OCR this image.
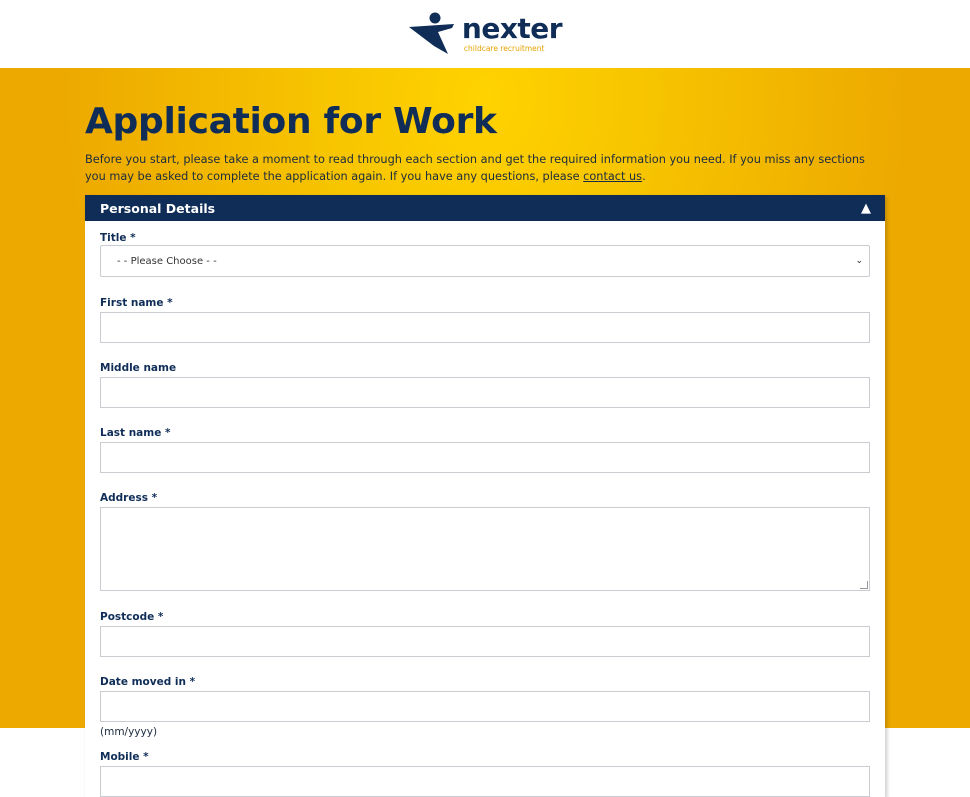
nexter
childcare recruitment
Application for Work

Before you start, please take a moment to read through each section and get the required information you need. If you miss any sections you may be asked to complete the application again. If you have any questions, please contact us.

Personal Details	▲
Title *
- - Please Choose - -	⌄
First name *
Middle name
Last name *
Address *
Postcode *
Date moved in *
(mm/yyyy)
Mobile *
